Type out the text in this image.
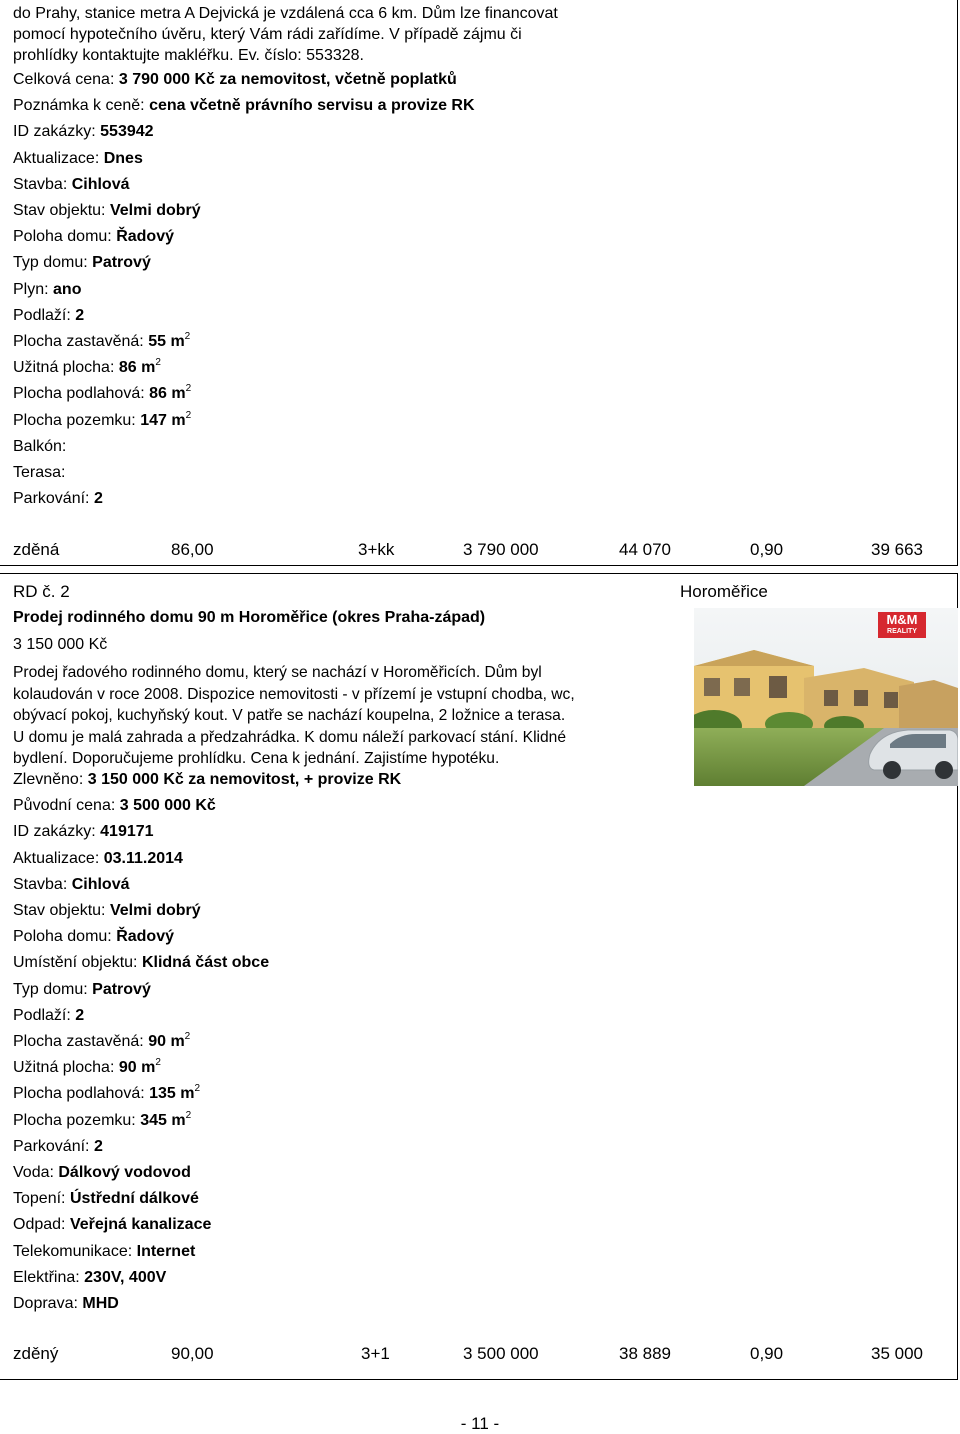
do Prahy, stanice metra A Dejvická je vzdálená cca 6 km. Dům lze financovat

pomocí hypotečního úvěru, který Vám rádi zařídíme. V případě zájmu či

prohlídky kontaktujte makléřku. Ev. číslo: 553328.

Celková cena: 3 790 000 Kč za nemovitost, včetně poplatků
Poznámka k ceně: cena včetně právního servisu a provize RK
ID zakázky: 553942
Aktualizace: Dnes
Stavba: Cihlová
Stav objektu: Velmi dobrý
Poloha domu: Řadový
Typ domu: Patrový
Plyn: ano
Podlaží: 2
Plocha zastavěná: 55 $m^2$
Užitná plocha: 86 $m^2$
Plocha podlahová: 86 $m^2$
Plocha pozemku: 147 $m^2$
Balkón:
Terasa:
Parkování: 2
zděná	86,00	3+kk	3 790 000	44 070	0,90	39 663
RD č. 2	Horoměřice
Prodej rodinného domu 90 m Horoměřice (okres Praha-západ)
3 150 000 Kč

Prodej řadového rodinného domu, který se nachází v Horoměřicích. Dům byl

kolaudován v roce 2008. Dispozice nemovitosti - v přízemí je vstupní chodba, wc,

obývací pokoj, kuchyňský kout. V patře se nachází koupelna, 2 ložnice a terasa.

U domu je malá zahrada a předzahrádka. K domu náleží parkovací stání. Klidné

bydlení. Doporučujeme prohlídku. Cena k jednání. Zajistíme hypotéku.

M&M
REALITY
Zlevněno: 3 150 000 Kč za nemovitost, + provize RK
Původní cena: 3 500 000 Kč
ID zakázky: 419171
Aktualizace: 03.11.2014
Stavba: Cihlová
Stav objektu: Velmi dobrý
Poloha domu: Řadový
Umístění objektu: Klidná část obce
Typ domu: Patrový
Podlaží: 2
Plocha zastavěná: 90 $m^2$
Užitná plocha: 90 $m^2$
Plocha podlahová: 135 $m^2$
Plocha pozemku: 345 $m^2$
Parkování: 2
Voda: Dálkový vodovod
Topení: Ústřední dálkové
Odpad: Veřejná kanalizace
Telekomunikace: Internet
Elektřina: 230V, 400V
Doprava: MHD
zděný	90,00	3+1	3 500 000	38 889	0,90	35 000
- 11 -
